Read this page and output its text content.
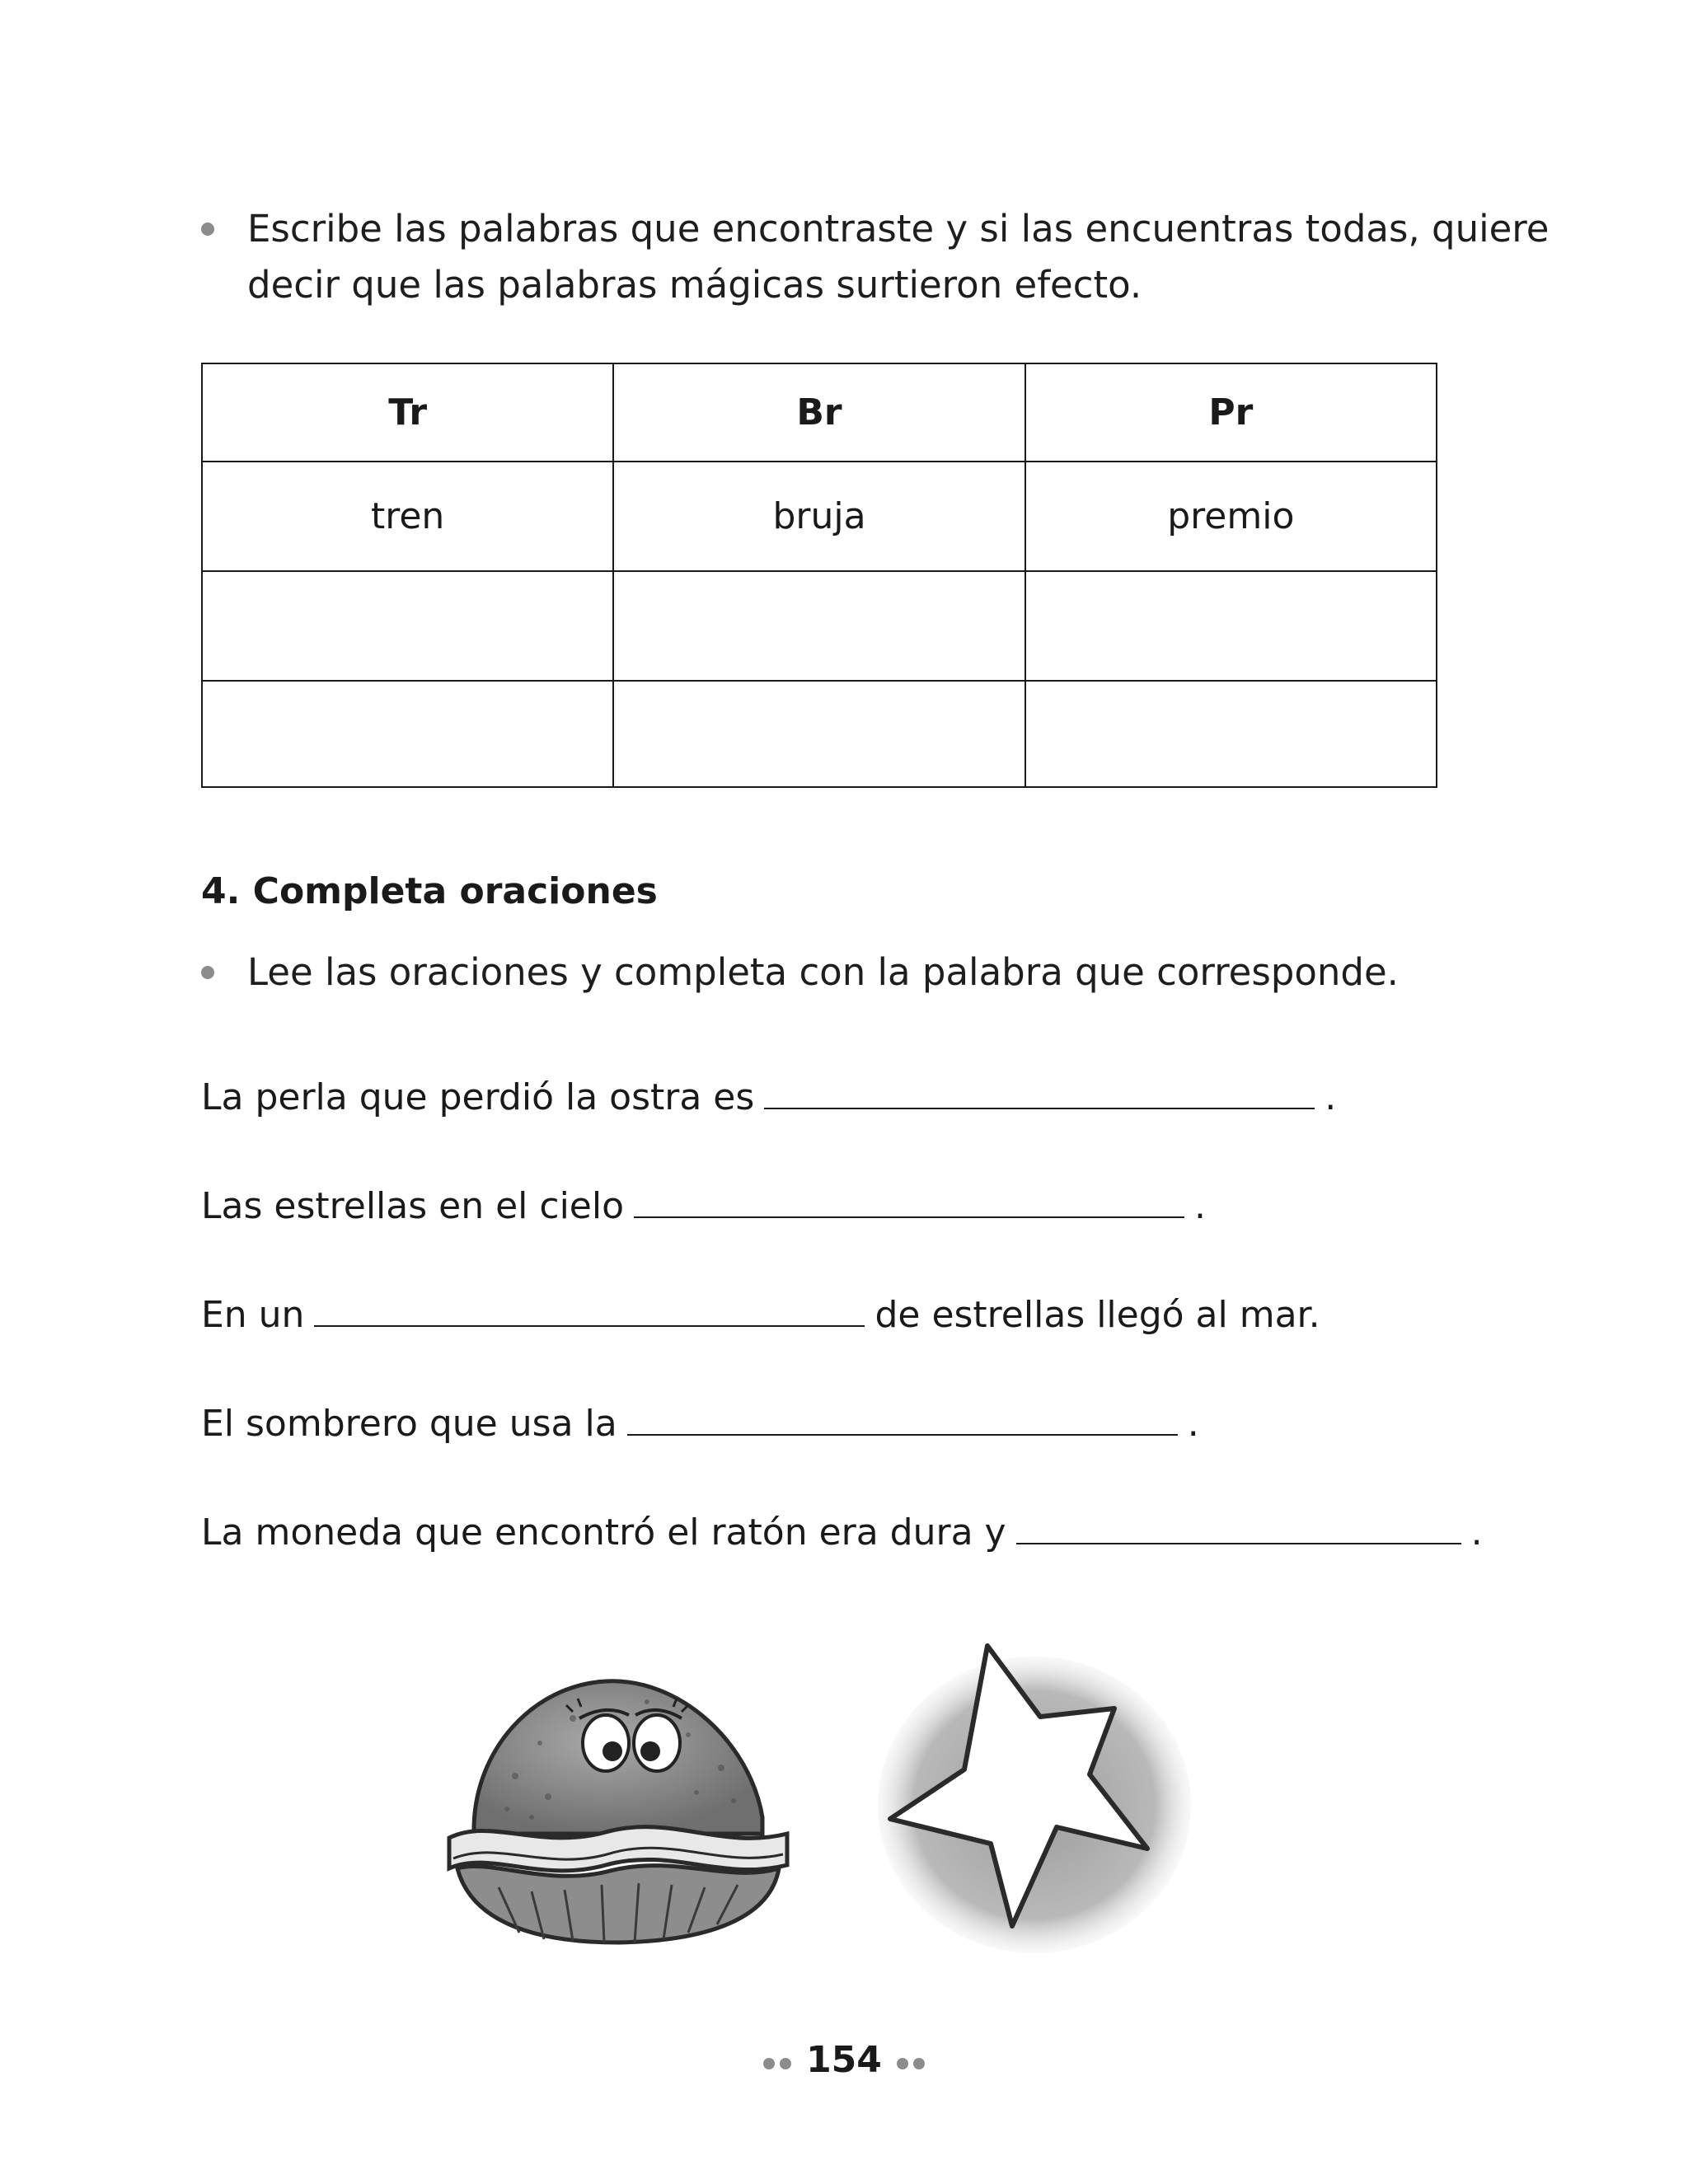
Escribe las palabras que encontraste y si las encuentras todas, quiere
decir que las palabras mágicas surtieron efecto.
Tr	Br	Pr
tren	bruja	premio

4. Completa oraciones
Lee las oraciones y completa con la palabra que corresponde.
La perla que perdió la ostra es	.
Las estrellas en el cielo	.
En un	de estrellas llegó al mar.
El sombrero que usa la	.
La moneda que encontró el ratón era dura y	.
154
